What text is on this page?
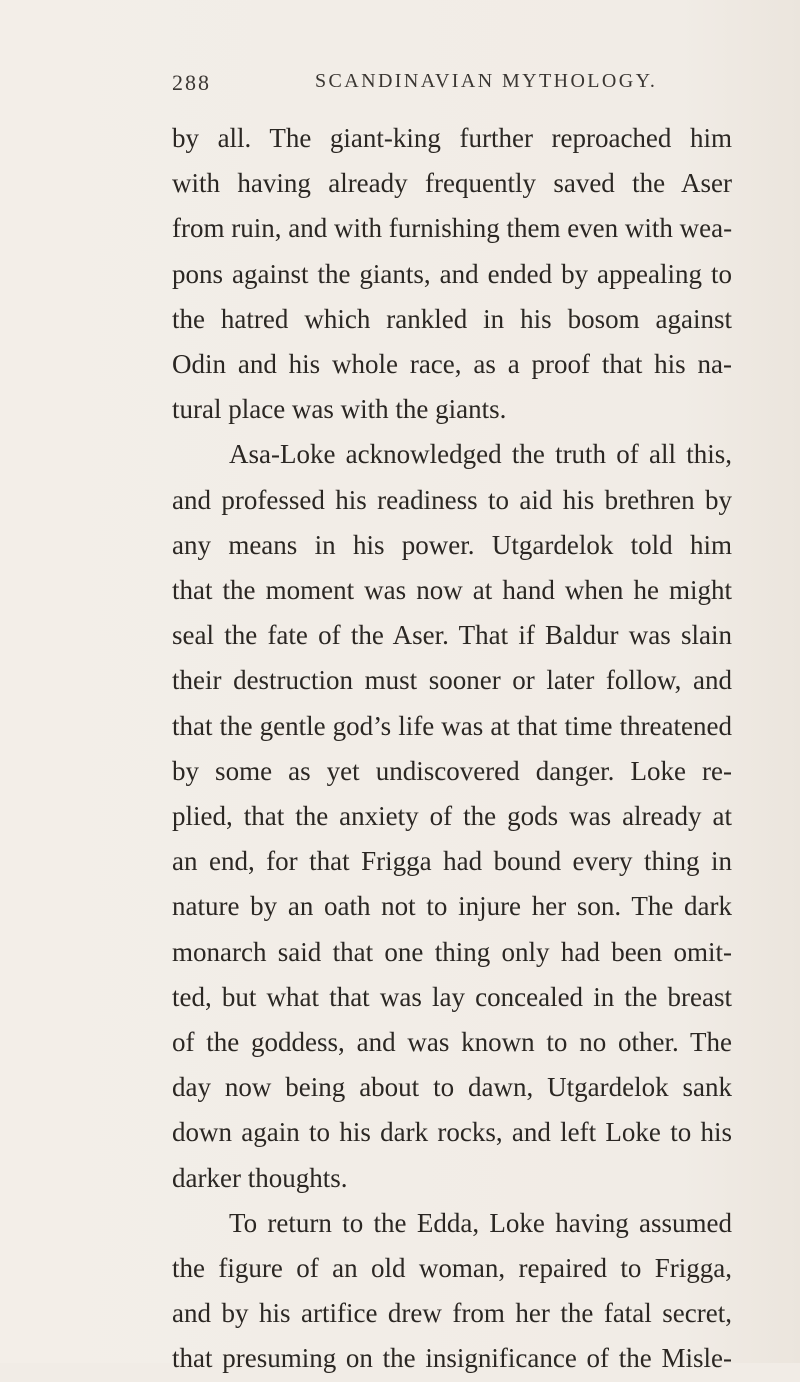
288	SCANDINAVIAN MYTHOLOGY.
by all. The giant-king further reproached him
with having already frequently saved the Aser
from ruin, and with furnishing them even with wea-
pons against the giants, and ended by appealing to
the hatred which rankled in his bosom against
Odin and his whole race, as a proof that his na-
tural place was with the giants.
Asa-Loke acknowledged the truth of all this,
and professed his readiness to aid his brethren by
any means in his power. Utgardelok told him
that the moment was now at hand when he might
seal the fate of the Aser. That if Baldur was slain
their destruction must sooner or later follow, and
that the gentle god’s life was at that time threatened
by some as yet undiscovered danger. Loke re-
plied, that the anxiety of the gods was already at
an end, for that Frigga had bound every thing in
nature by an oath not to injure her son. The dark
monarch said that one thing only had been omit-
ted, but what that was lay concealed in the breast
of the goddess, and was known to no other. The
day now being about to dawn, Utgardelok sank
down again to his dark rocks, and left Loke to his
darker thoughts.
To return to the Edda, Loke having assumed
the figure of an old woman, repaired to Frigga,
and by his artifice drew from her the fatal secret,
that presuming on the insignificance of the Misle-
